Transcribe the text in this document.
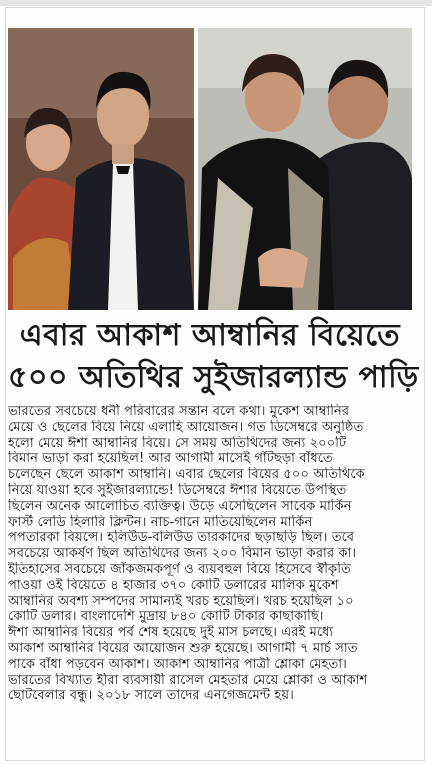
এবার আকাশ আম্বানির বিয়েতে
৫০০ অতিথির সুইজারল্যান্ড পাড়ি
ভারতের সবচেয়ে ধনী পরিবারের সন্তান বলে কথা। মুকেশ আম্বানির
মেয়ে ও ছেলের বিয়ে নিয়ে এলাহি আয়োজন। গত ডিসেম্বরে অনুষ্ঠিত
হলো মেয়ে ঈশা আম্বানির বিয়ে। সে সময় অতিথিদের জন্য ২০০টি
বিমান ভাড়া করা হয়েছিল! আর আগামী মাসেই গাঁটছড়া বাঁধতে
চলেছেন ছেলে আকাশ আম্বানি। এবার ছেলের বিয়ের ৫০০ অতিথিকে
নিয়ে যাওয়া হবে সুইজারল্যান্ডে! ডিসেম্বরে ঈশার বিয়েতে উপস্থিত
ছিলেন অনেক আলোচিত ব্যক্তিত্ব। উড়ে এসেছিলেন সাবেক মার্কিন
ফার্স্ট লেডি হিলারি ক্লিন্টন। নাচ-গানে মাতিয়েছিলেন মার্কিন
পপতারকা বিয়ন্সে। হলিউড-বলিউড তারকাদের ছড়াছড়ি ছিল। তবে
সবচেয়ে আকর্ষণ ছিল অতিথিদের জন্য ২০০ বিমান ভাড়া করার কা।
ইতিহাসের সবচেয়ে জাঁকজমকপূর্ণ ও ব্যয়বহুল বিয়ে হিসেবে স্বীকৃতি
পাওয়া ওই বিয়েতে ৪ হাজার ৩৭০ কোটি ডলারের মালিক মুকেশ
আম্বানির অবশ্য সম্পদের সামান্যই খরচ হয়েছিল। খরচ হয়েছিল ১০
কোটি ডলার। বাংলাদেশি মুদ্রায় ৮৪০ কোটি টাকার কাছাকাছি।
ঈশা আম্বানির বিয়ের পর্ব শেষ হয়েছে দুই মাস চলছে। এরই মধ্যে
আকাশ আম্বানির বিয়ের আয়োজন শুরু হয়েছে। আগামী ৭ মার্চ সাত
পাকে বাঁধা পড়বেন আকাশ। আকাশ আম্বানির পাত্রী শ্লোকা মেহতা।
ভারতের বিখ্যাত হীরা ব্যবসায়ী রাসেল মেহতার মেয়ে শ্লোকা ও আকাশ
ছোটবেলার বন্ধু। ২০১৮ সালে তাদের এনগেজমেন্ট হয়।
